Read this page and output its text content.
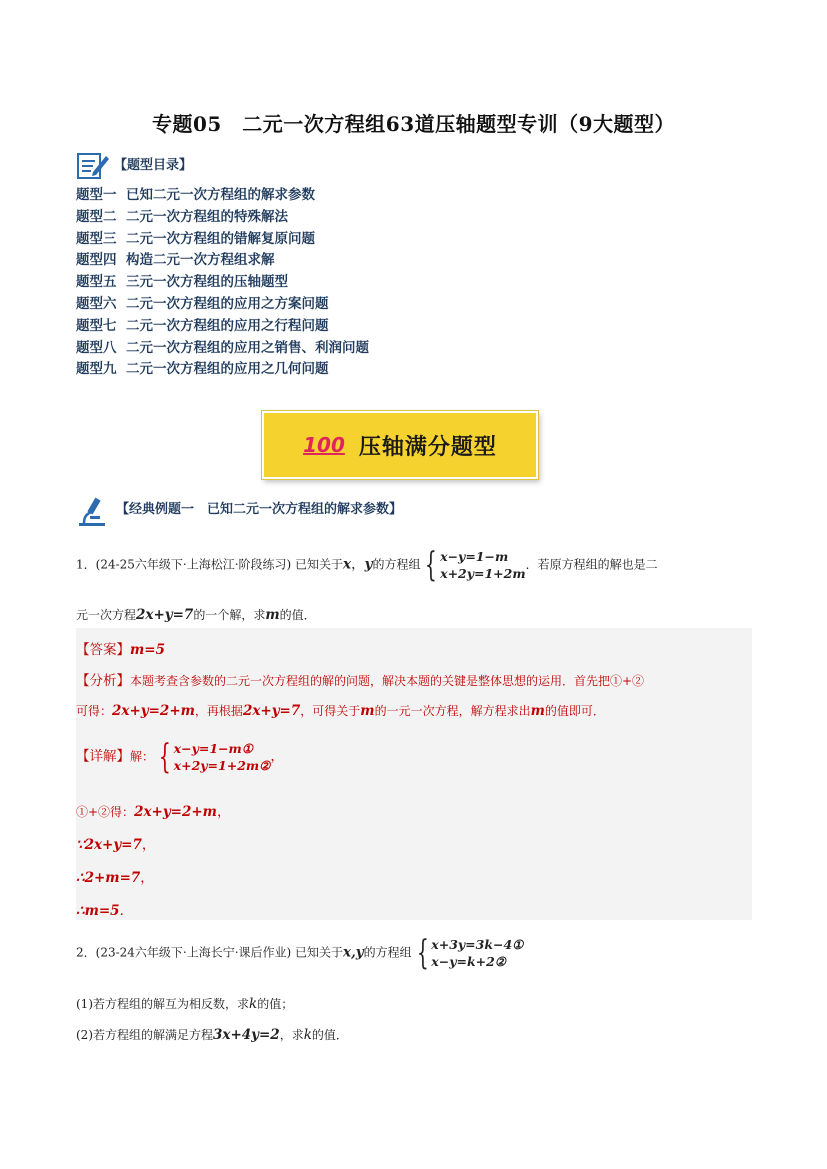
专题05　二元一次方程组63道压轴题型专训（9大题型）
【题型目录】
题型一 已知二元一次方程组的解求参数
题型二 二元一次方程组的特殊解法
题型三 二元一次方程组的错解复原问题
题型四 构造二元一次方程组求解
题型五 三元一次方程组的压轴题型
题型六 二元一次方程组的应用之方案问题
题型七 二元一次方程组的应用之行程问题
题型八 二元一次方程组的应用之销售、利润问题
题型九 二元一次方程组的应用之几何问题
100 压轴满分题型
【经典例题一　已知二元一次方程组的解求参数】
1．(24-25六年级下·上海松江·阶段练习) 已知关于x，y的方程组 { x−y=1−m
x+2y=1+2m
．若原方程组的解也是二
元一次方程2x+y=7的一个解，求m的值．
【答案】m=5
【分析】本题考查含参数的二元一次方程组的解的问题，解决本题的关键是整体思想的运用．首先把①+②
可得：2x+y=2+m，再根据2x+y=7，可得关于m的一元一次方程，解方程求出m的值即可．
【详解】解： { x−y=1−m①
x+2y=1+2m②
，
①+②得：2x+y=2+m，
∵2x+y=7，
∴2+m=7，
∴m=5．
2．(23-24六年级下·上海长宁·课后作业) 已知关于x,y的方程组 { x+3y=3k−4①
x−y=k+2②
(1)若方程组的解互为相反数，求k的值；
(2)若方程组的解满足方程3x+4y=2，求k的值．
